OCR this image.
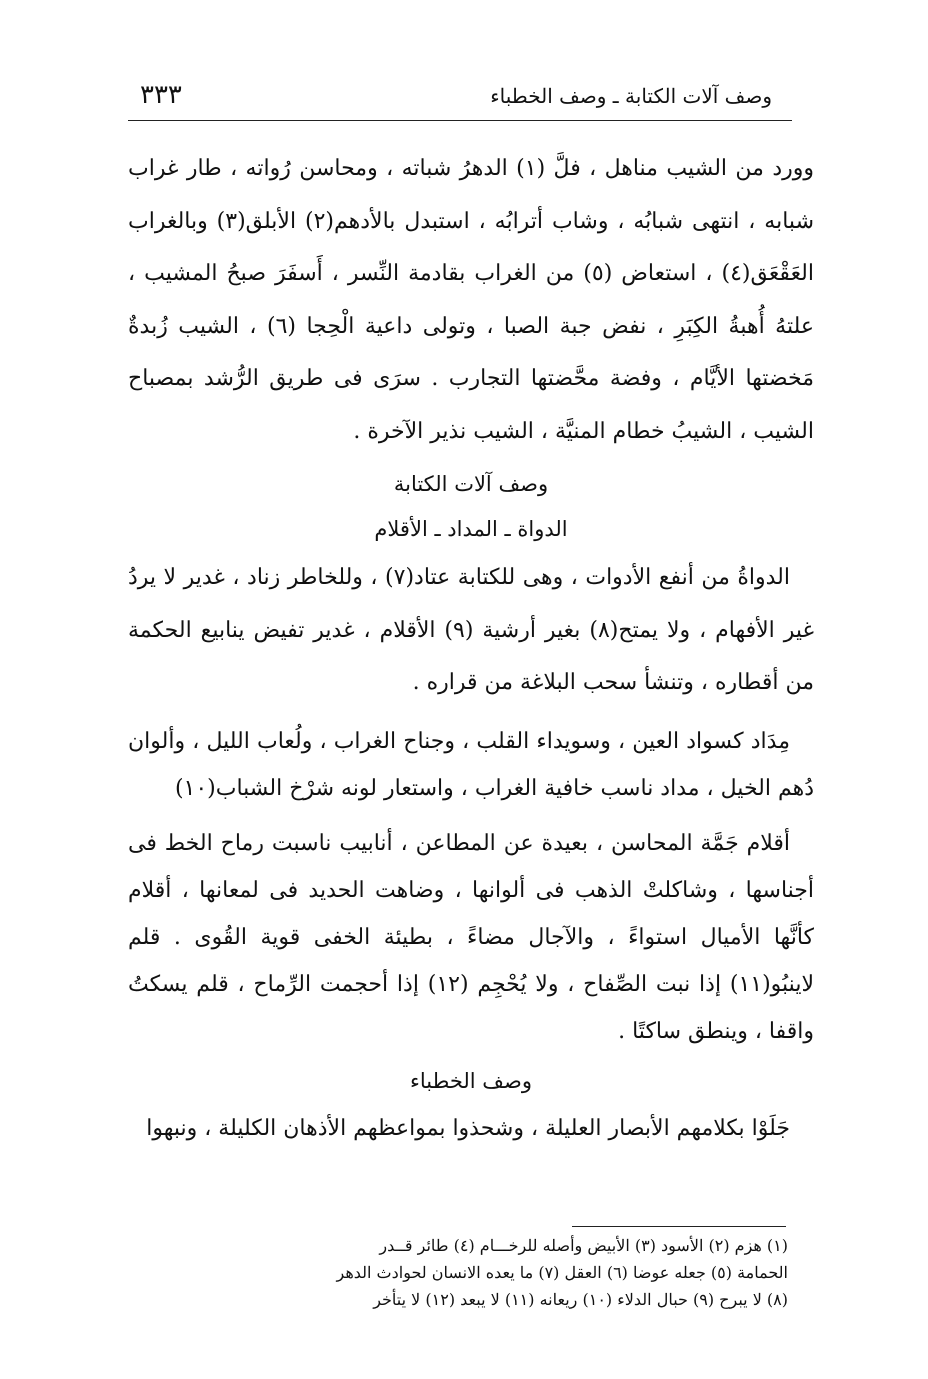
وصف آلات الكتابة ـ وصف الخطباء
٣٣٣

وورد من الشيب مناهل ، فلَّ (١) الدهرُ شباته ، ومحاسن رُواته ، طار غراب شبابه ، انتهى شبابُه ، وشاب أترابُه ، استبدل بالأدهم(٢) الأبلق(٣) وبالغراب العَقْعَق(٤) ، استعاض (٥) من الغراب بقادمة النِّسر ، أَسفَرَ صبحُ المشيب ، علتهُ أُهبةُ الكِبَرِ ، نفض جبة الصبا ، وتولى داعية الْحِجا (٦) ، الشيب زُبدةٌ مَخضتها الأيَّام ، وفضة محَّضتها التجارب . سرَى فى طريق الرُّشد بمصباح الشيب ، الشيبُ خطام المنيَّة ، الشيب نذير الآخرة .

وصف آلات الكتابة

الدواة ـ المداد ـ الأقلام

الدواةُ من أنفع الأدوات ، وهى للكتابة عتاد(٧) ، وللخاطر زناد ، غدير لا يردُ غير الأفهام ، ولا يمتح(٨) بغير أرشية (٩) الأقلام ، غدير تفيض ينابيع الحكمة من أقطاره ، وتنشأ سحب البلاغة من قراره .

مِدَاد كسواد العين ، وسويداء القلب ، وجناح الغراب ، ولُعاب الليل ، وألوان دُهم الخيل ، مداد ناسب خافية الغراب ، واستعار لونه شرْخ الشباب(١٠)

أقلام جَمَّة المحاسن ، بعيدة عن المطاعن ، أنابيب ناسبت رماح الخط فى أجناسها ، وشاكلتْ الذهب فى ألوانها ، وضاهت الحديد فى لمعانها ، أقلام كأنَّها الأميال استواءً ، والآجال مضاءً ، بطيئة الخفى قوية القُوى . قلم لاينبُو(١١) إذا نبت الصِّفاح ، ولا يُحْجِم (١٢) إذا أحجمت الرِّماح ، قلم يسكتُ واقفا ، وينطق ساكتًا .

وصف الخطباء

جَلَوْا بكلامهم الأبصار العليلة ، وشحذوا بمواعظهم الأذهان الكليلة ، ونبهوا

(١) هزم (٢) الأسود (٣) الأبيض وأصله للرخـــام (٤) طائر قــدر

الحمامة (٥) جعله عوضا (٦) العقل (٧) ما يعده الانسان لحوادث الدهر

(٨) لا يبرح (٩) حبال الدلاء (١٠) ريعانه (١١) لا يبعد (١٢) لا يتأخر
